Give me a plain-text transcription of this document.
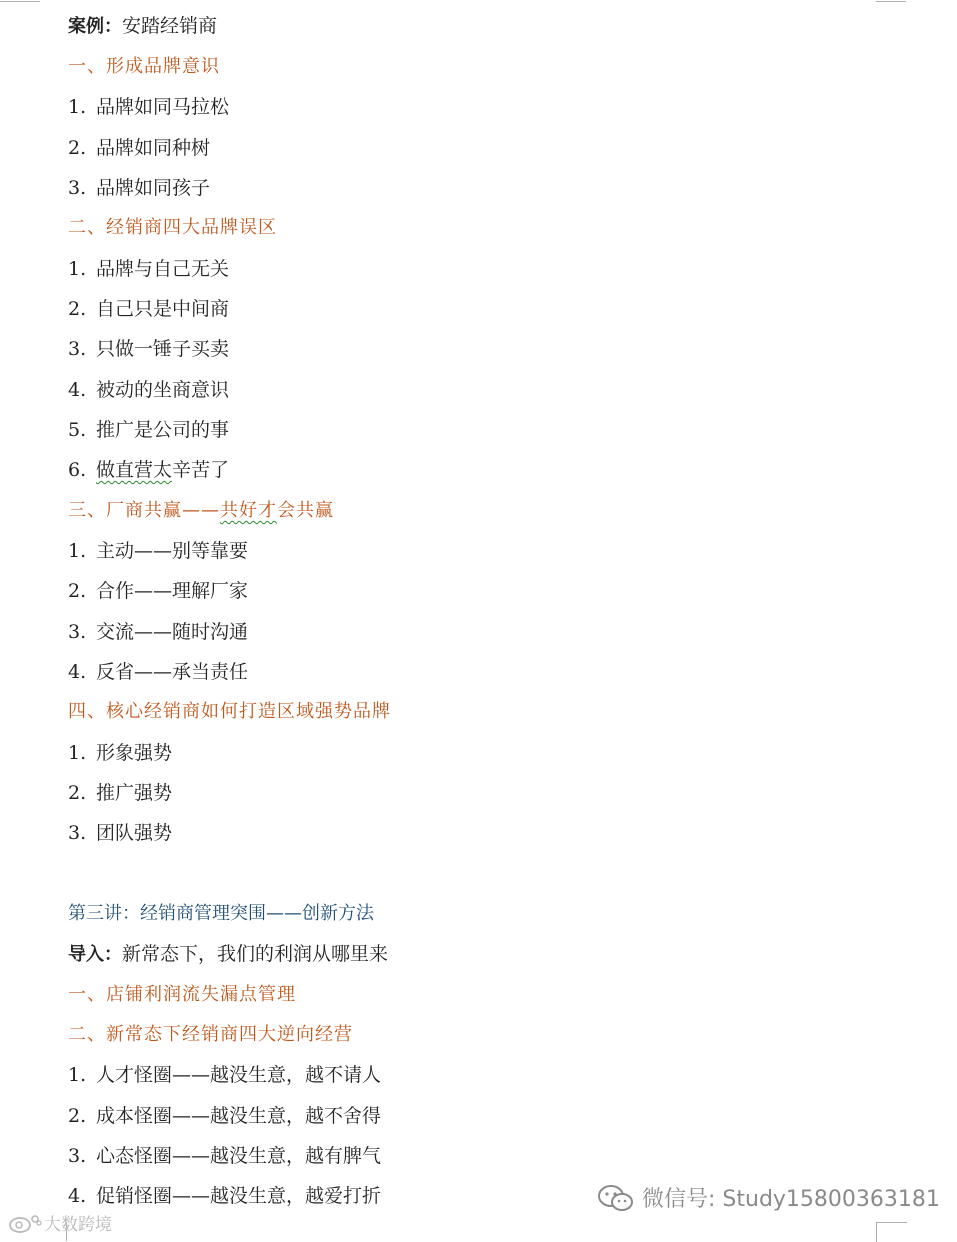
案例：安踏经销商
一、形成品牌意识
1. 品牌如同马拉松
2. 品牌如同种树
3. 品牌如同孩子
二、经销商四大品牌误区
1. 品牌与自己无关
2. 自己只是中间商
3. 只做一锤子买卖
4. 被动的坐商意识
5. 推广是公司的事
6. 做直营太辛苦了
三、厂商共赢——共好才会共赢
1. 主动——别等靠要
2. 合作——理解厂家
3. 交流——随时沟通
4. 反省——承当责任
四、核心经销商如何打造区域强势品牌
1. 形象强势
2. 推广强势
3. 团队强势
第三讲：经销商管理突围——创新方法
导入：新常态下，我们的利润从哪里来
一、店铺利润流失漏点管理
二、新常态下经销商四大逆向经营
1. 人才怪圈——越没生意，越不请人
2. 成本怪圈——越没生意，越不舍得
3. 心态怪圈——越没生意，越有脾气
4. 促销怪圈——越没生意，越爱打折	微信号: Study15800363181
大数跨境
